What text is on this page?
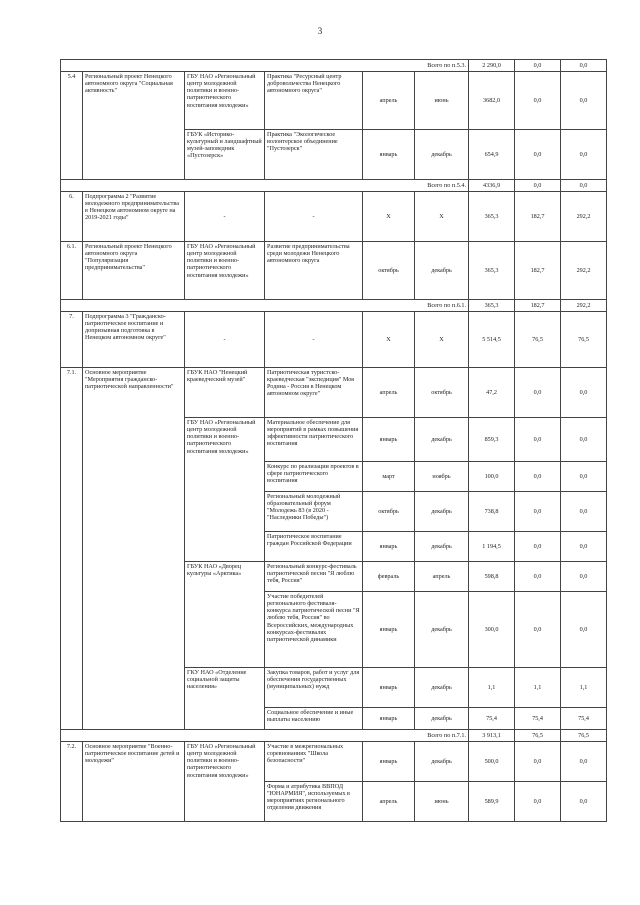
3
Всего по п.5.3.						2 290,0	0,0	0,0
5.4	Региональный проект Ненецкого автономного округа "Социальная активность"	ГБУ НАО «Региональный центр молодежной политики и военно-патриотического воспитания молодежи»	Практика "Ресурсный центр добровольчества Ненецкого автономного округа"	апрель	июнь	3682,0	0,0	0,0
		ГБУК «Историко-культурный и ландшафтный музей-заповедник «Пустозерск»	Практика "Экологическое волонтерское объединение "Пустозерск"	январь	декабрь	654,9	0,0	0,0
Всего по п.5.4.						4336,9	0,0	0,0
6.	Подпрограмма 2 "Развитие молодежного предпринимательства в Ненецком автономном округе на 2019-2021 годы"	-	-	Х	Х	365,3	182,7	292,2
6.1.	Региональный проект Ненецкого автономного округа "Популяризация предпринимательства"	ГБУ НАО «Региональный центр молодежной политики и военно-патриотического воспитания молодежи»	Развитие предпринимательства среди молодежи Ненецкого автономного округа	октябрь	декабрь	365,3	182,7	292,2
Всего по п.6.1.						365,3	182,7	292,2
7.	Подпрограмма 3 "Гражданско-патриотическое воспитание и допризывная подготовка в Ненецком автономном округе"	-	-	Х	Х	5 514,5	76,5	76,5
7.1.	Основное мероприятие "Мероприятия гражданско-патриотической направленности"	ГБУК НАО "Ненецкий краеведческий музей"	Патриотическая туристско-краеведческая "экспедиция" Моя Родина - Россия в Ненецком автономном округе"	апрель	октябрь	47,2	0,0	0,0
		ГБУ НАО «Региональный центр молодежной политики и военно-патриотического воспитания молодежи»	Материальное обеспечение для мероприятий в рамках повышения эффективности патриотического воспитания	январь	декабрь	859,3	0,0	0,0
			Конкурс по реализации проектов в сфере патриотического воспитания	март	ноябрь	100,0	0,0	0,0
			Региональный молодежный образовательный форум "Молодежь 83 (в 2020 - "Наследники Победы")	октябрь	декабрь	738,8	0,0	0,0
			Патриотическое воспитание граждан Российской Федерации	январь	декабрь	1 194,5	0,0	0,0
		ГБУК НАО «Дворец культуры «Арктика»	Региональный конкурс-фестиваль патриотической песни "Я люблю тебя, Россия"	февраль	апрель	598,8	0,0	0,0
			Участие победителей регионального фестиваля-конкурса патриотической песни "Я люблю тебя, Россия" во Всероссийских, международных конкурсах-фестивалях патриотической динамики	январь	декабрь	300,0	0,0	0,0
		ГКУ НАО «Отделение социальной защиты населения»	Закупка товаров, работ и услуг для обеспечения государственных (муниципальных) нужд	январь	декабрь	1,1	1,1	1,1
			Социальное обеспечение и иные выплаты населению	январь	декабрь	75,4	75,4	75,4
Всего по п.7.1.						3 913,1	76,5	76,5
7.2.	Основное мероприятие "Военно-патриотическое воспитание детей и молодежи"	ГБУ НАО «Региональный центр молодежной политики и военно-патриотического воспитания молодежи»	Участие в межрегиональных соревнованиях "Школа безопасности"	январь	декабрь	500,0	0,0	0,0
			Форма и атрибутика ВВПОД "ЮНАРМИЯ", используемых в мероприятиях регионального отделения движения	апрель	июнь	589,9	0,0	0,0
